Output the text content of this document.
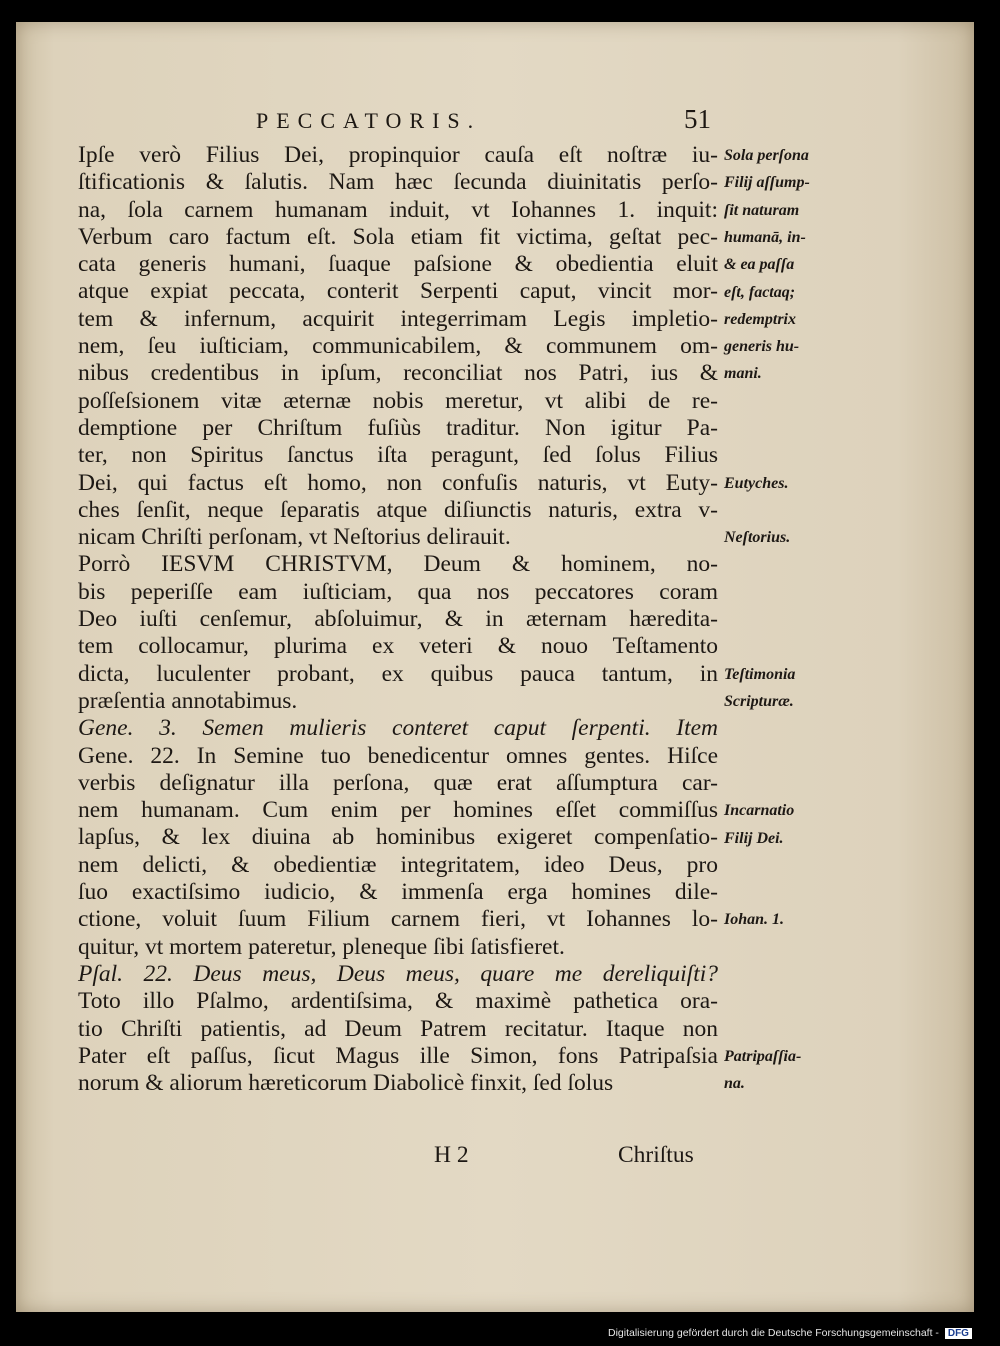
PECCATORIS.	51
Ipſe verò Filius Dei, propinquior cauſa eſt noſtræ iu-
ſtificationis & ſalutis. Nam hæc ſecunda diuinitatis perſo-
na, ſola carnem humanam induit, vt Iohannes 1. inquit:
Verbum caro factum eſt. Sola etiam fit victima, geſtat pec-
cata generis humani, ſuaque paſsione & obedientia eluit
atque expiat peccata, conterit Serpenti caput, vincit mor-
tem & infernum, acquirit integerrimam Legis impletio-
nem, ſeu iuſticiam, communicabilem, & communem om-
nibus credentibus in ipſum, reconciliat nos Patri, ius &
poſſeſsionem vitæ æternæ nobis meretur, vt alibi de re-
demptione per Chriſtum fuſiùs traditur. Non igitur Pa-
ter, non Spiritus ſanctus iſta peragunt, ſed ſolus Filius
Dei, qui factus eſt homo, non confuſis naturis, vt Euty-
ches ſenſit, neque ſeparatis atque diſiunctis naturis, extra v-
nicam Chriſti perſonam, vt Neſtorius delirauit.
Porrò IESVM CHRISTVM, Deum & hominem, no-
bis peperiſſe eam iuſticiam, qua nos peccatores coram
Deo iuſti cenſemur, abſoluimur, & in æternam hæredita-
tem collocamur, plurima ex veteri & nouo Teſtamento
dicta, luculenter probant, ex quibus pauca tantum, in
præſentia annotabimus.
Gene. 3. Semen mulieris conteret caput ſerpenti. Item
Gene. 22. In Semine tuo benedicentur omnes gentes. Hiſce
verbis deſignatur illa perſona, quæ erat aſſumptura car-
nem humanam. Cum enim per homines eſſet commiſſus
lapſus, & lex diuina ab hominibus exigeret compenſatio-
nem delicti, & obedientiæ integritatem, ideo Deus, pro
ſuo exactiſsimo iudicio, & immenſa erga homines dile-
ctione, voluit ſuum Filium carnem fieri, vt Iohannes lo-
quitur, vt mortem pateretur, pleneque ſibi ſatisfieret.
Pſal. 22. Deus meus, Deus meus, quare me dereliquiſti?
Toto illo Pſalmo, ardentiſsima, & maximè pathetica ora-
tio Chriſti patientis, ad Deum Patrem recitatur. Itaque non
Pater eſt paſſus, ſicut Magus ille Simon, fons Patripaſsia
norum & aliorum hæreticorum Diabolicè finxit, ſed ſolus
Sola perſona
Filij aſſump-
ſit naturam
humanā, in-
& ea paſſa
eſt, factaq;
redemptrix
generis hu-
mani.
Eutyches.
Neſtorius.
Teſtimonia
Scripturæ.
Incarnatio
Filij Dei.
Iohan. 1.
Patripaſſia-
na.
H 2	Chriſtus
Digitalisierung gefördert durch die Deutsche Forschungsgemeinschaft - DFG
